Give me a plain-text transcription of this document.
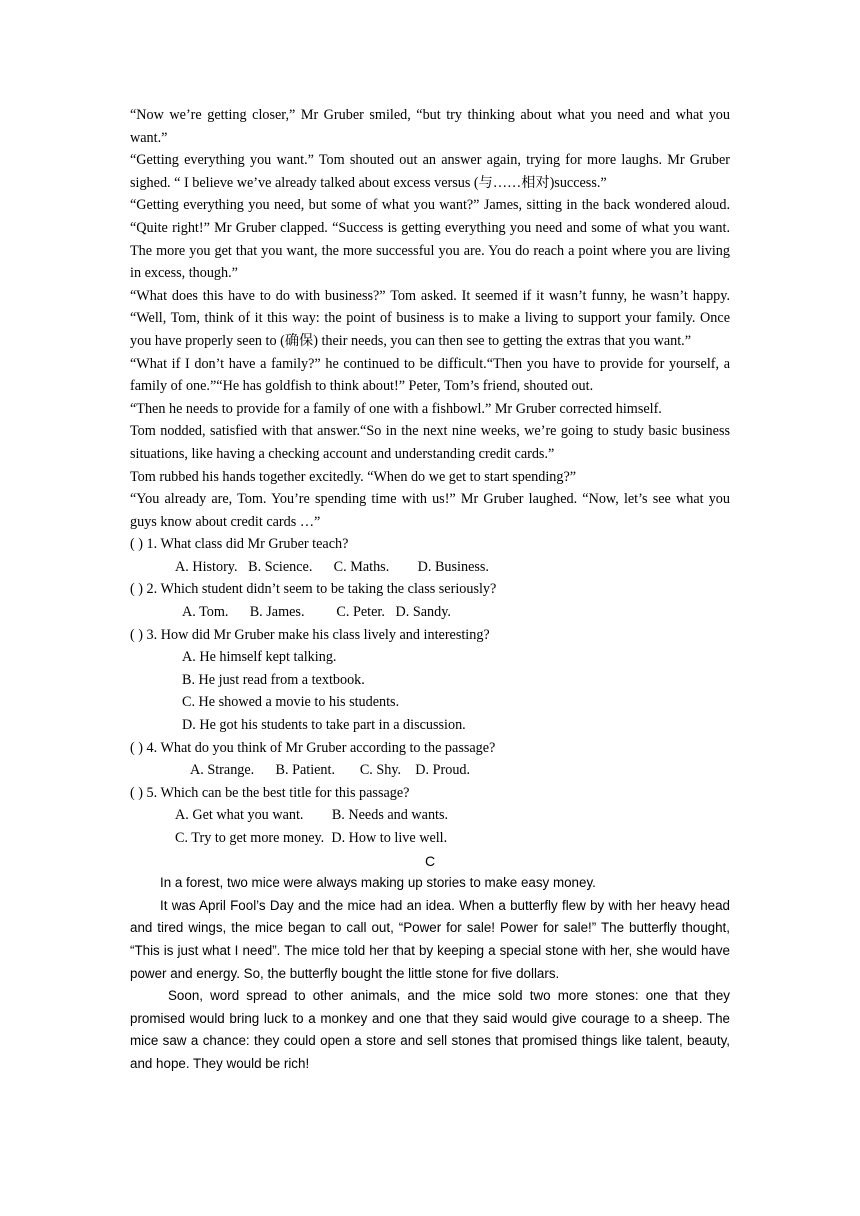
“Now we’re getting closer,” Mr Gruber smiled, “but try thinking about what you need and what you want.”

“Getting everything you want.” Tom shouted out an answer again, trying for more laughs. Mr Gruber sighed. “ I believe we’ve already talked about excess versus (与……相对)success.”

“Getting everything you need, but some of what you want?” James, sitting in the back wondered aloud. “Quite right!” Mr Gruber clapped. “Success is getting everything you need and some of what you want. The more you get that you want, the more successful you are. You do reach a point where you are living in excess, though.”

“What does this have to do with business?” Tom asked. It seemed if it wasn’t funny, he wasn’t happy. “Well, Tom, think of it this way: the point of business is to make a living to support your family. Once you have properly seen to (确保) their needs, you can then see to getting the extras that you want.”

“What if I don’t have a family?” he continued to be difficult.“Then you have to provide for yourself, a family of one.”“He has goldfish to think about!” Peter, Tom’s friend, shouted out.

“Then he needs to provide for a family of one with a fishbowl.” Mr Gruber corrected himself.

Tom nodded, satisfied with that answer.“So in the next nine weeks, we’re going to study basic business situations, like having a checking account and understanding credit cards.”

Tom rubbed his hands together excitedly. “When do we get to start spending?”

“You already are, Tom. You’re spending time with us!” Mr Gruber laughed. “Now, let’s see what you guys know about credit cards …”

( ) 1. What class did Mr Gruber teach?

A. History.   B. Science.      C. Maths.        D. Business.

( ) 2. Which student didn’t seem to be taking the class seriously?

A. Tom.      B. James.         C. Peter.   D. Sandy.

( ) 3. How did Mr Gruber make his class lively and interesting?

A. He himself kept talking.

B. He just read from a textbook.

C. He showed a movie to his students.

D. He got his students to take part in a discussion.

( ) 4. What do you think of Mr Gruber according to the passage?

A. Strange.      B. Patient.       C. Shy.    D. Proud.

( ) 5. Which can be the best title for this passage?

A. Get what you want.        B. Needs and wants.

C. Try to get more money.  D. How to live well.

C

In a forest, two mice were always making up stories to make easy money.

It was April Fool’s Day and the mice had an idea. When a butterfly flew by with her heavy head and tired wings, the mice began to call out, “Power for sale! Power for sale!” The butterfly thought, “This is just what I need”. The mice told her that by keeping a special stone with her, she would have power and energy. So, the butterfly bought the little stone for five dollars.

Soon, word spread to other animals, and the mice sold two more stones: one that they promised would bring luck to a monkey and one that they said would give courage to a sheep. The mice saw a chance: they could open a store and sell stones that promised things like talent, beauty, and hope. They would be rich!
